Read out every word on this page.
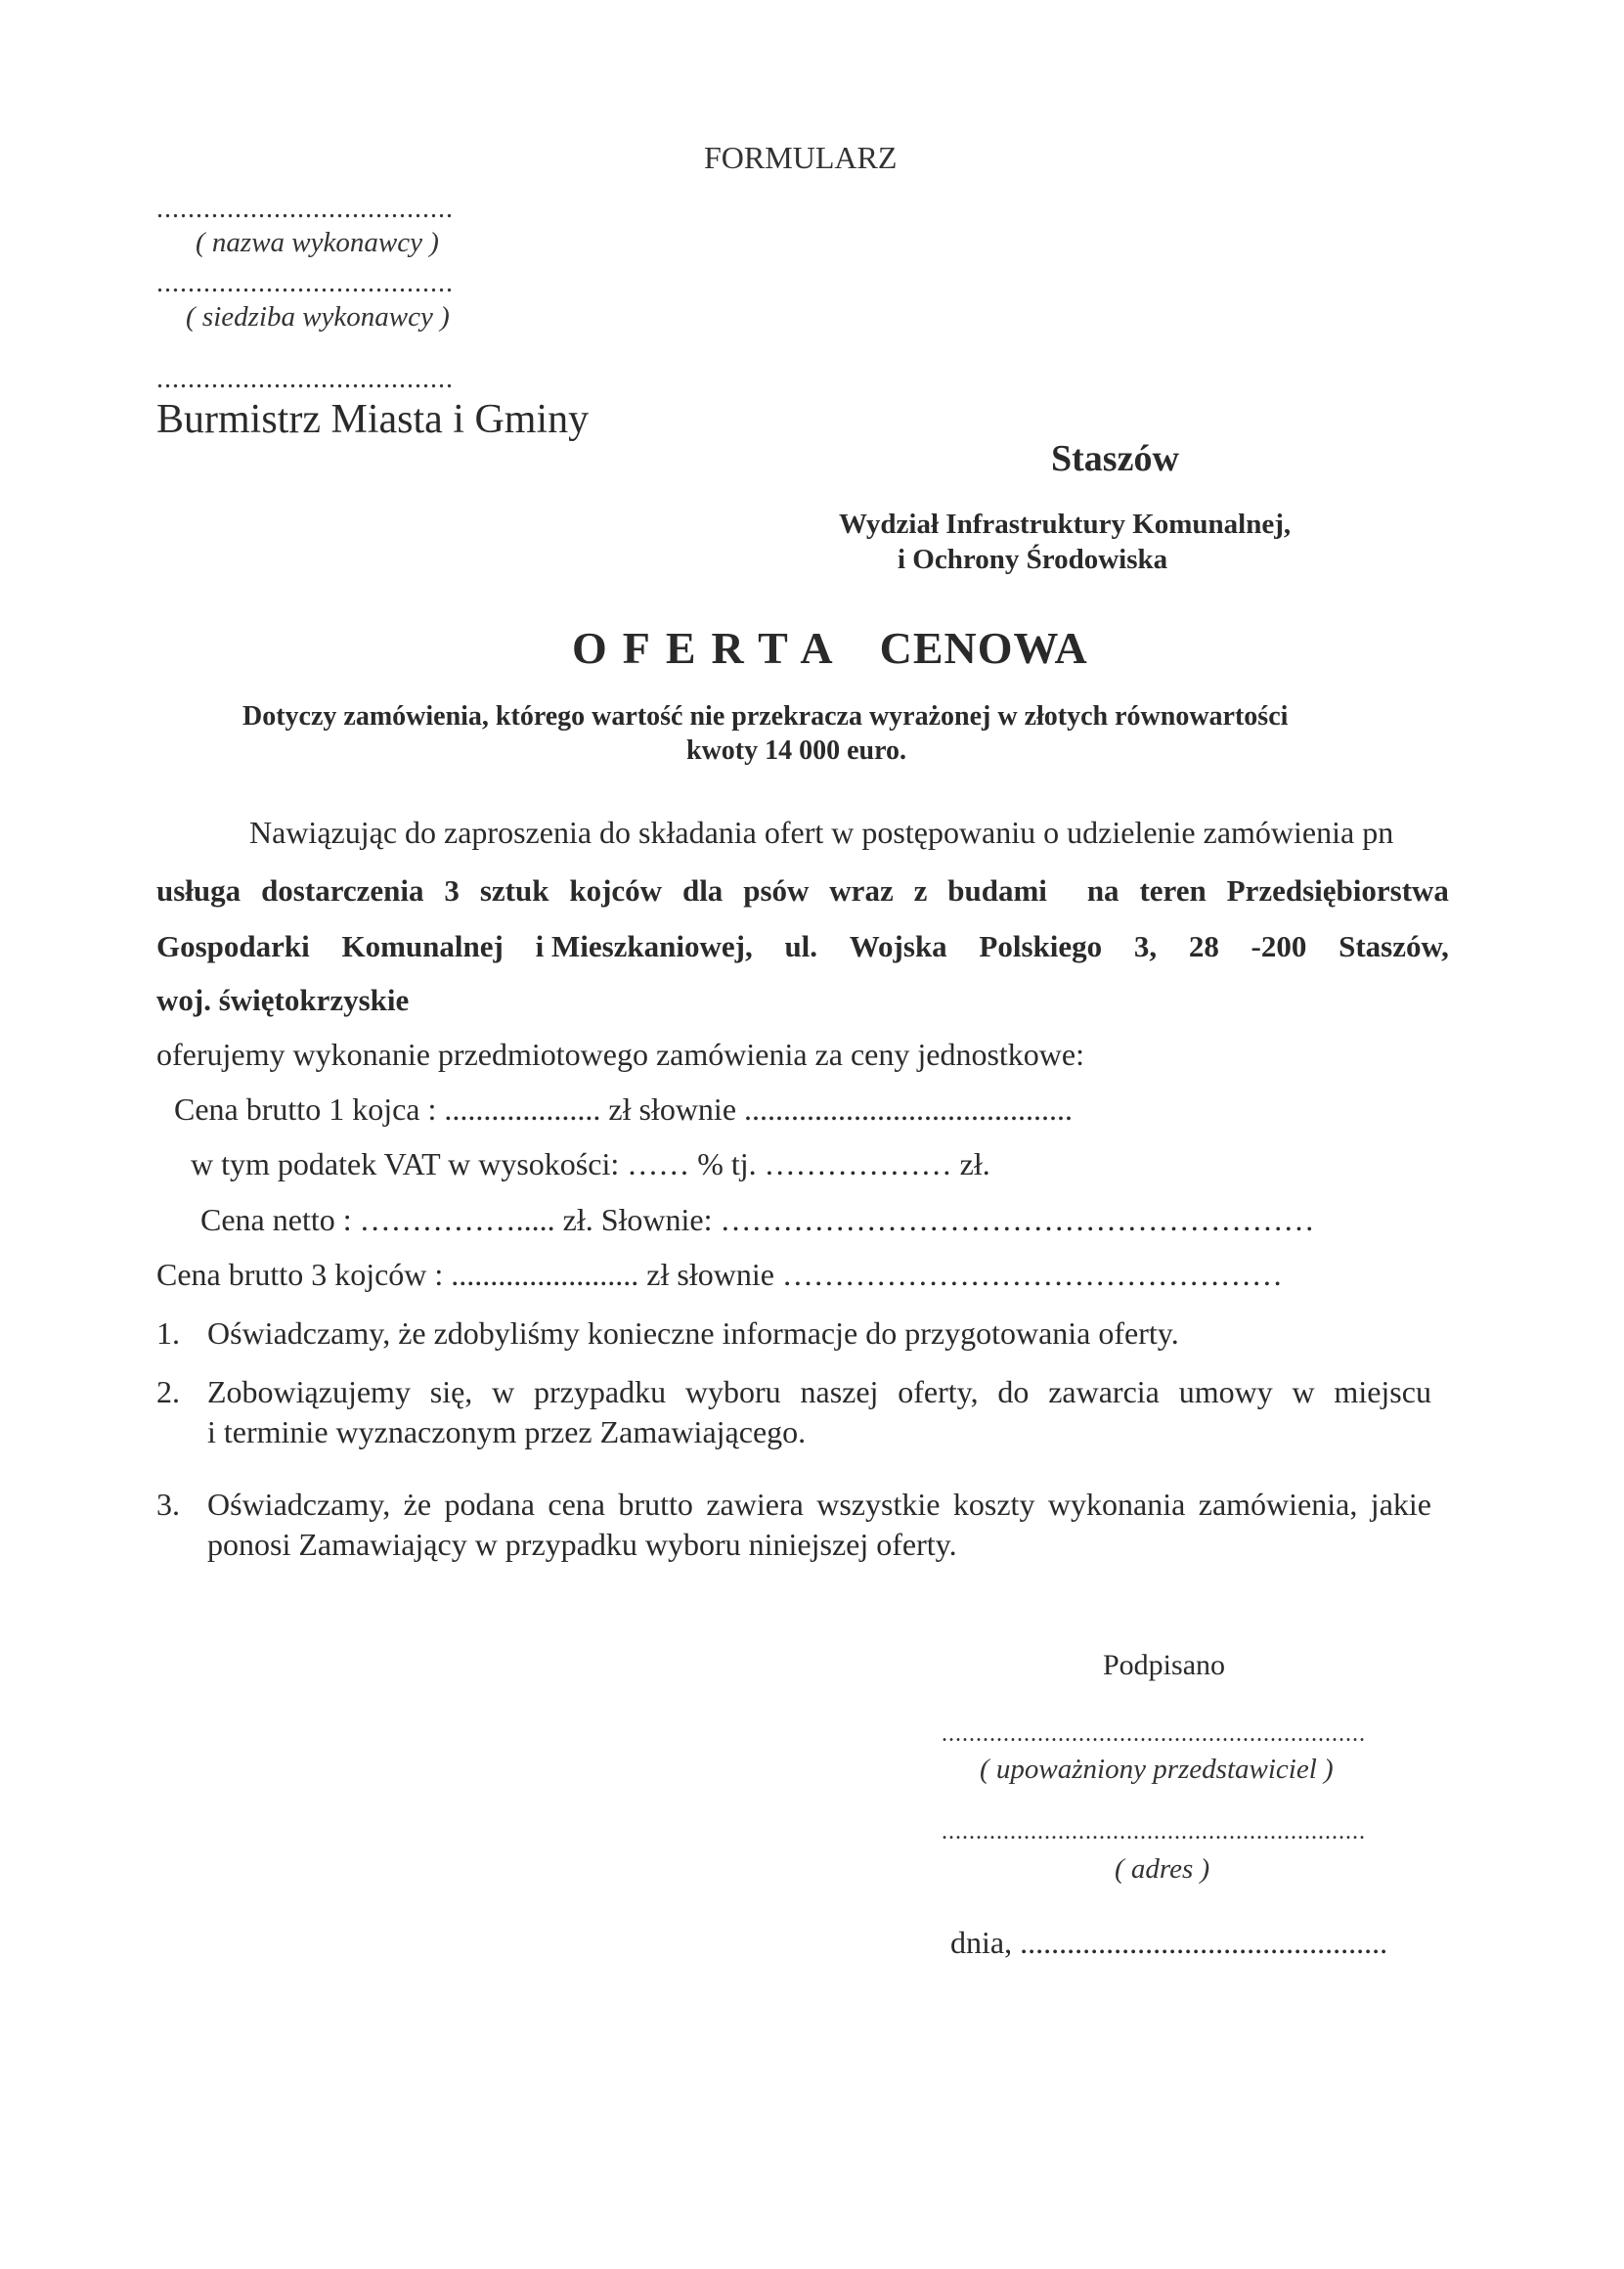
FORMULARZ
......................................
( nazwa wykonawcy )
......................................
( siedziba wykonawcy )
......................................
Burmistrz Miasta i Gminy
Staszów
Wydział Infrastruktury Komunalnej,
i Ochrony Środowiska
OFERTA CENOWA
Dotyczy zamówienia, którego wartość nie przekracza wyrażonej w złotych równowartości
kwoty 14 000 euro.
Nawiązując do zaproszenia do składania ofert w postępowaniu o udzielenie zamówienia pn
usługa dostarczenia 3 sztuk kojców dla psów wraz z budami na teren Przedsiębiorstwa
Gospodarki Komunalnej i Mieszkaniowej, ul. Wojska Polskiego 3, 28 -200 Staszów,
woj. świętokrzyskie
oferujemy wykonanie przedmiotowego zamówienia za ceny jednostkowe:
Cena brutto 1 kojca : .................... zł słownie ..........................................
w tym podatek VAT w wysokości: …… % tj. ……………… zł.
Cena netto : ……………..... zł. Słownie: …………………………………………………
Cena brutto 3 kojców : ........................ zł słownie …………………………………………
1. Oświadczamy, że zdobyliśmy konieczne informacje do przygotowania oferty.
2. Zobowiązujemy się, w przypadku wyboru naszej oferty, do zawarcia umowy w miejscu
i terminie wyznaczonym przez Zamawiającego.
3. Oświadczamy, że podana cena brutto zawiera wszystkie koszty wykonania zamówienia, jakie
ponosi Zamawiający w przypadku wyboru niniejszej oferty.
Podpisano
..............................................................
( upoważniony przedstawiciel )
..............................................................
( adres )
dnia, ...............................................
